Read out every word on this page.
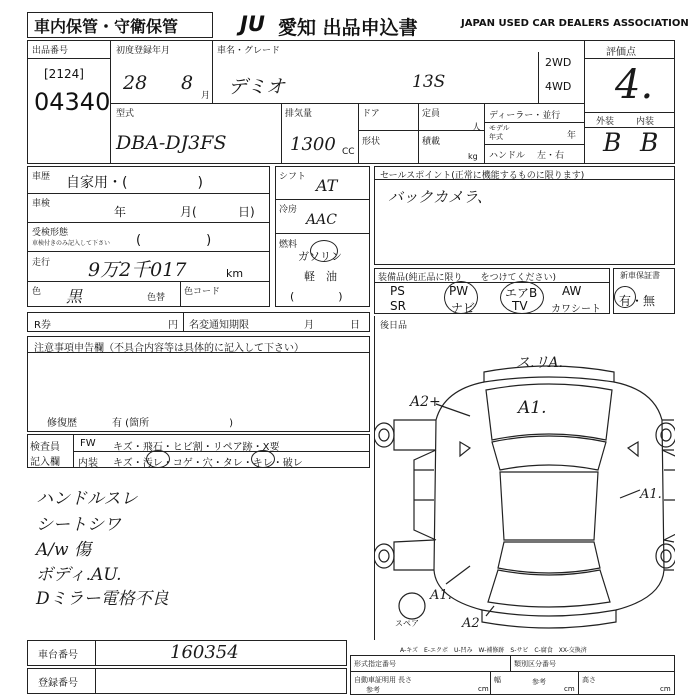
車内保管・守衛保管	JU 愛知 出品申込書	JAPAN USED CAR DEALERS ASSOCIATION
出品番号
[2124]
04340
初度登録年月
28 8
月
車名・グレード
デミオ	13S
2WD
4WD
評価点
4.
外装 内装
B B
型式
DBA-DJ3FS
排気量
1300 CC
ドア
形状
定員
人
積載
kg
ディーラー・並行
モデル
年式	年
ハンドル 左・右
車歴 自家用・(　　　　　)
車検
年	月(	日)
受検形態
車検付きのみ記入して下さい (　　　　　)
走行 9万2千017	km
色 黒	色替
色コード
シフト AT
冷房
AAC
燃料
ガソリン
軽　油
(　　　　)
セールスポイント(正常に機能するものに限ります)
バックカメラ、
装備品(純正品に限り　　をつけてください)
PS	PW	エアB AW
SR	ナビ	TV カワシート
新車保証書
有・無
R券	円 名変通知期限	月	日 後日品
注意事項申告欄（不具合内容等は具体的に記入して下さい）
修復歴	有 (箇所　　　　　　　　)
検査員
記入欄
FW キズ・飛石・ヒビ割・リペア跡・X要
内装 キズ・汚レ・コゲ・穴・タレ・キレ・破レ
ハンドルスレ
シートシワ
A/w 傷
ボディ.AU.
Dミラー電格不良
ス.リA.
A1.
A2+
A1.
A1.
A2
スペア
車台番号	160354
登録番号
A-キズ　E-エクボ　U-凹み　W-補修跡　S-サビ　C-腐食　XX-交換済
形式指定番号	類別区分番号
自動車証明用
参考
長さ
cm
幅	参考
cm
高さ
cm
